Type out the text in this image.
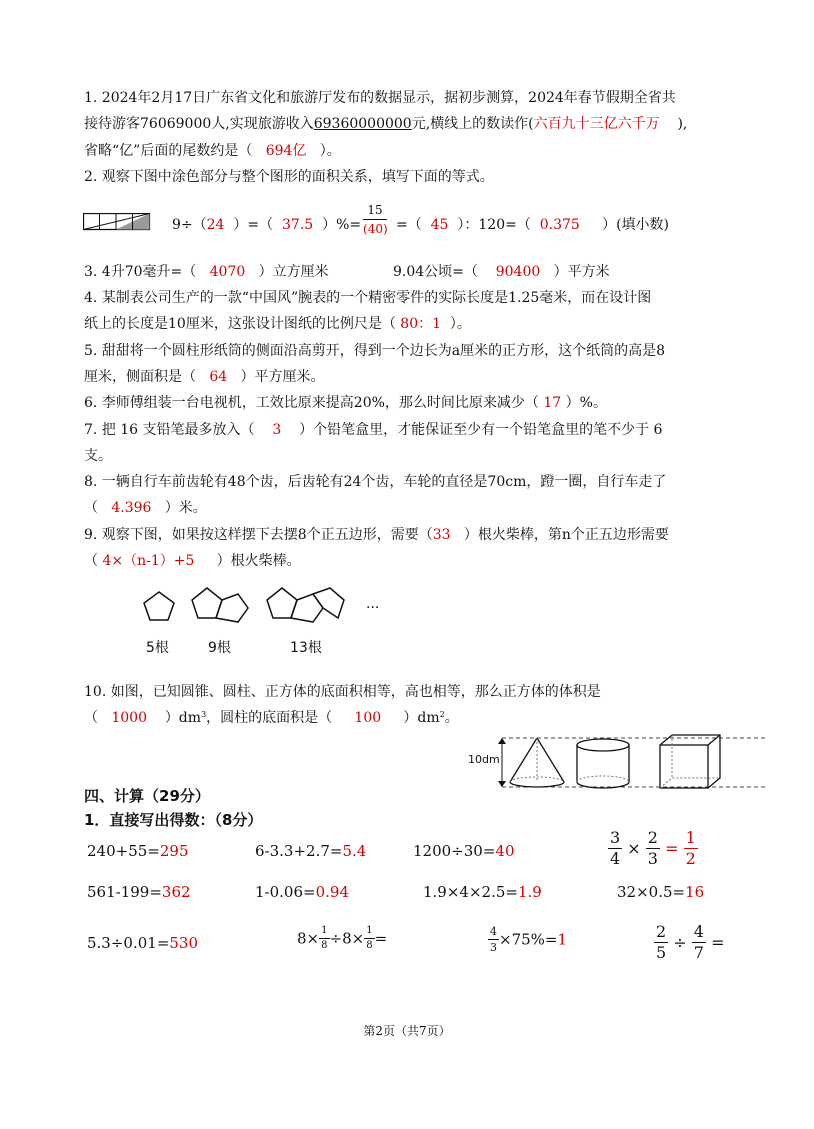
1. 2024年2月17日广东省文化和旅游厅发布的数据显示，据初步测算，2024年春节假期全省共
接待游客76069000人,实现旅游收入69360000000元,横线上的数读作(六百九十三亿六千万 ),
省略“亿”后面的尾数约是（ 694亿 ）。
2. 观察下图中涂色部分与整个图形的面积关系，填写下面的等式。
9÷（24 ）=（ 37.5 ）%=
15
(40) =（ 45 ）：120=（ 0.375 ）(填小数)
3. 4升70毫升=（ 4070 ）立方厘米	9.04公顷=（ 90400 ）平方米
4. 某制表公司生产的一款“中国风”腕表的一个精密零件的实际长度是1.25毫米，而在设计图
纸上的长度是10厘米，这张设计图纸的比例尺是（ 80：1 ）。
5. 甜甜将一个圆柱形纸筒的侧面沿高剪开，得到一个边长为a厘米的正方形，这个纸筒的高是8
厘米，侧面积是（ 64 ）平方厘米。
6. 李师傅组装一台电视机，工效比原来提高20%，那么时间比原来减少（ 17 ）%。
7. 把 16 支铅笔最多放入（ 3 ）个铅笔盒里，才能保证至少有一个铅笔盒里的笔不少于 6
支。
8. 一辆自行车前齿轮有48个齿，后齿轮有24个齿，车轮的直径是70cm，蹬一圈，自行车走了
（ 4.396 ）米。
9. 观察下图，如果按这样摆下去摆8个正五边形，需要（33 ）根火柴棒，第n个正五边形需要
（ 4×（n-1）+5 ）根火柴棒。
···
5根	9根	13根
10. 如图，已知圆锥、圆柱、正方体的底面积相等，高也相等，那么正方体的体积是
（ 1000 ）$dm^3$，圆柱的底面积是（ 100 ）$dm^2$。
10dm
四、计算（29分）
1．直接写出得数：（8分）
240+55=295	6-3.3+2.7=5.4	1200÷30=40	$\frac{3}{4} \times \frac{2}{3} = \frac{1}{2}$
561-199=362	1-0.06=0.94	1.9×4×2.5=1.9	32×0.5=16
5.3÷0.01=530	$8\times \frac{1}{8} \div 8\times \frac{1}{8}$ =	$\frac{4}{3} \times 75\%=1$	$\frac{2}{5} \div \frac{4}{7}$ =
第2页（共7页）
